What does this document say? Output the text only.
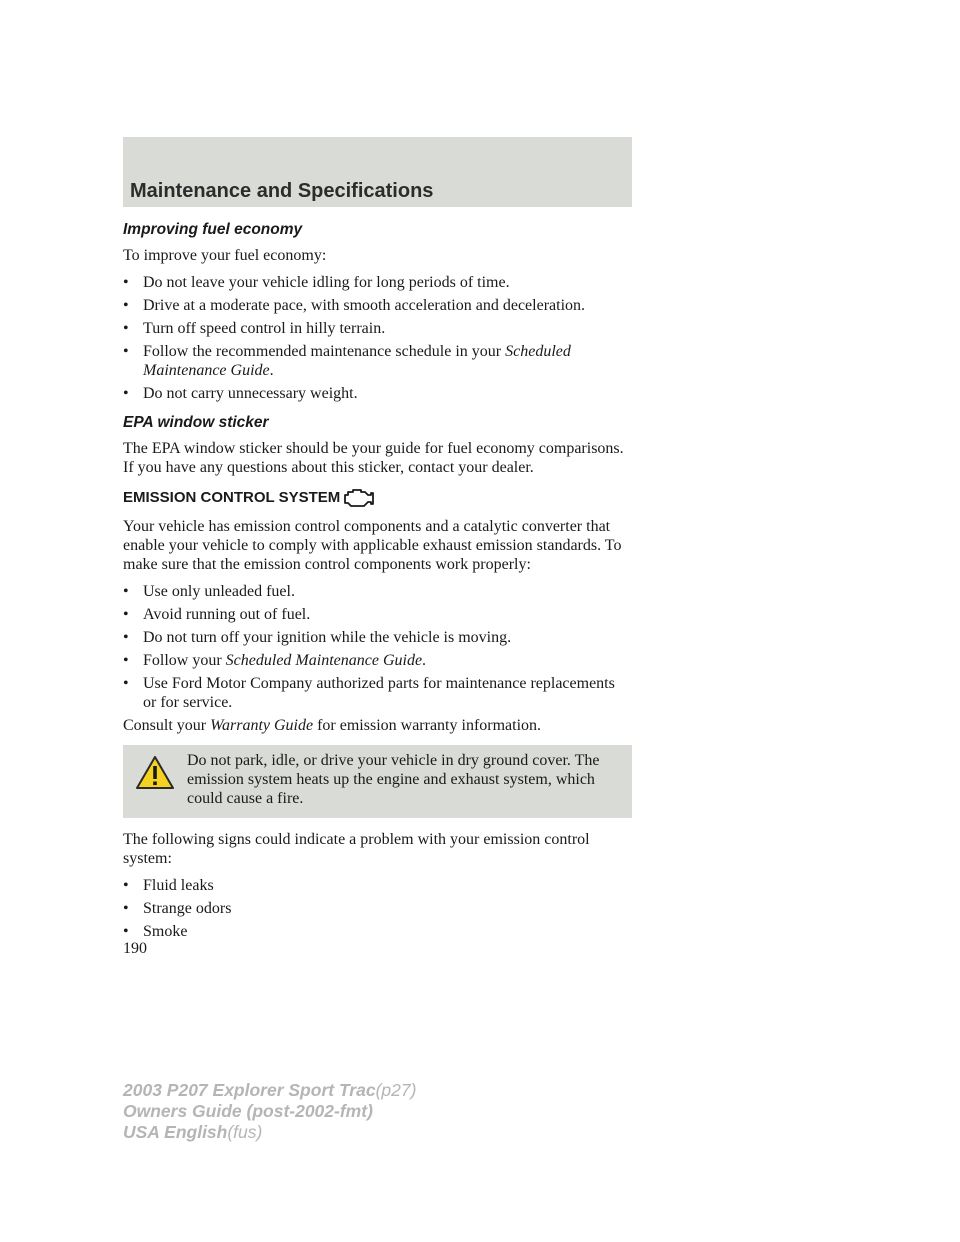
Maintenance and Specifications
Improving fuel economy

To improve your fuel economy:

• Do not leave your vehicle idling for long periods of time.
• Drive at a moderate pace, with smooth acceleration and deceleration.
• Turn off speed control in hilly terrain.
• Follow the recommended maintenance schedule in your Scheduled Maintenance Guide.
• Do not carry unnecessary weight.
EPA window sticker

The EPA window sticker should be your guide for fuel economy comparisons. If you have any questions about this sticker, contact your dealer.

EMISSION CONTROL SYSTEM

Your vehicle has emission control components and a catalytic converter that enable your vehicle to comply with applicable exhaust emission standards. To make sure that the emission control components work properly:

• Use only unleaded fuel.
• Avoid running out of fuel.
• Do not turn off your ignition while the vehicle is moving.
• Follow your Scheduled Maintenance Guide.
• Use Ford Motor Company authorized parts for maintenance replacements or for service.

Consult your Warranty Guide for emission warranty information.

Do not park, idle, or drive your vehicle in dry ground cover. The emission system heats up the engine and exhaust system, which could cause a fire.

The following signs could indicate a problem with your emission control system:

• Fluid leaks
• Strange odors
• Smoke
190
2003 P207 Explorer Sport Trac(p27)
Owners Guide (post-2002-fmt)
USA English(fus)
